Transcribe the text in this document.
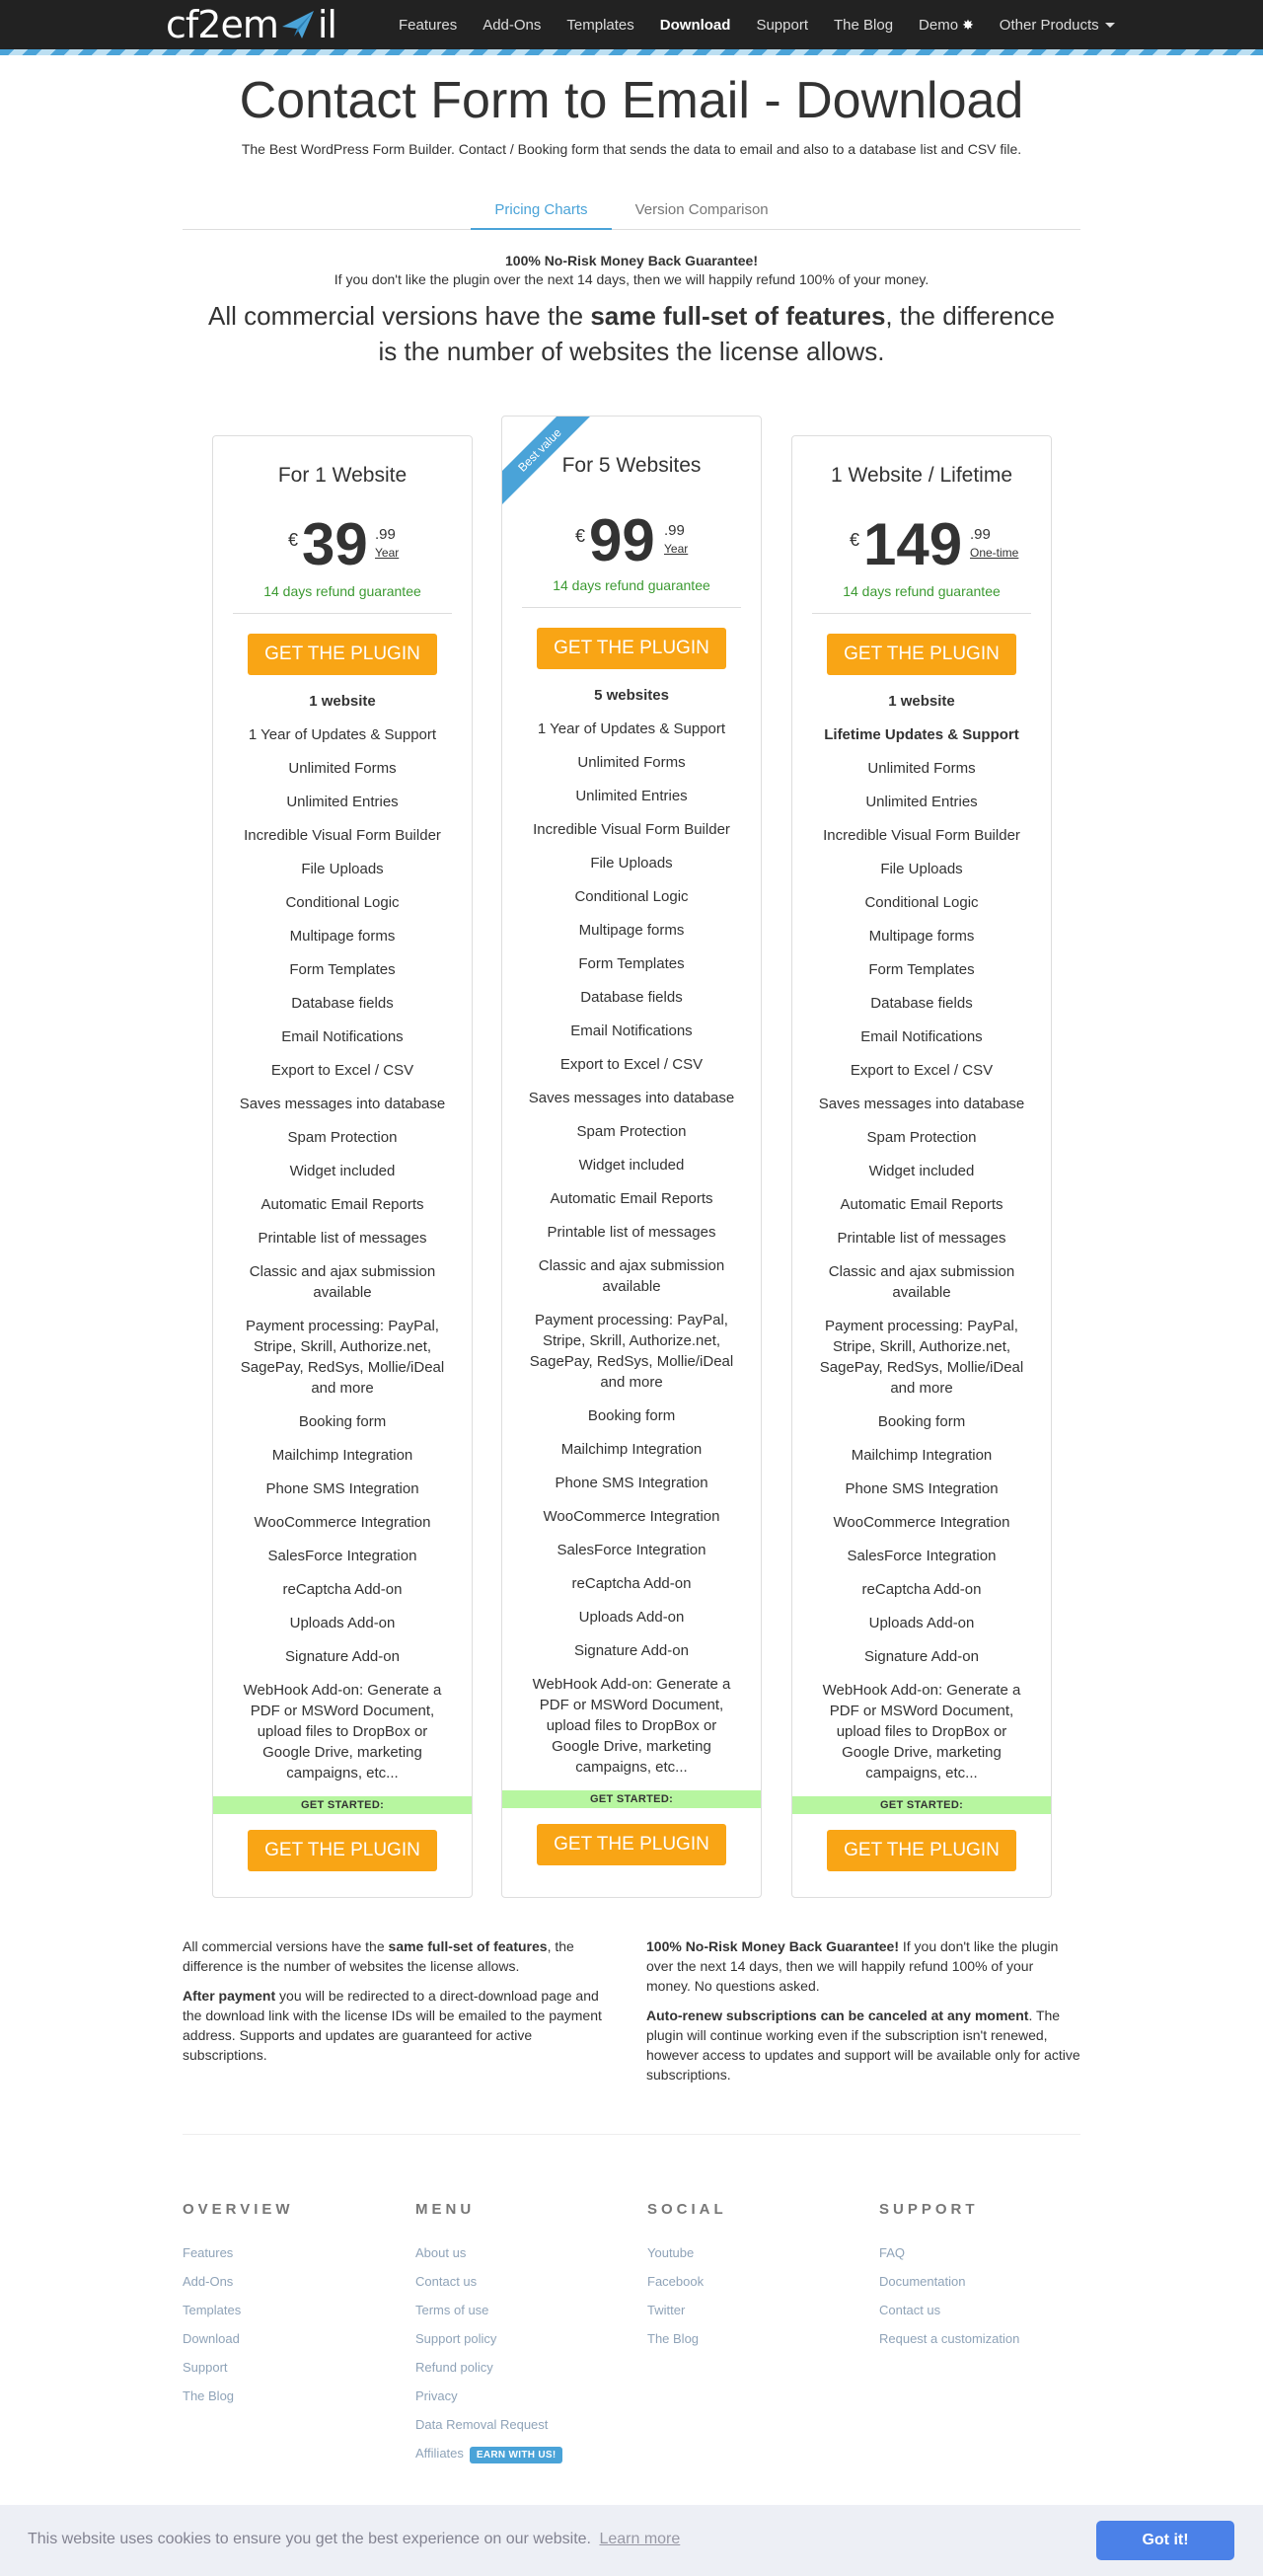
cf2em il	Features Add-Ons Templates Download Support The Blog Demo ✸ Other Products
Contact Form to Email - Download
The Best WordPress Form Builder. Contact / Booking form that sends the data to email and also to a database list and CSV file.
Pricing Charts	Version Comparison
100% No-Risk Money Back Guarantee!
If you don't like the plugin over the next 14 days, then we will happily refund 100% of your money.
All commercial versions have the same full-set of features, the difference is the number of websites the license allows.
For 1 Website
€ 39 .99
Year
14 days refund guarantee
GET THE PLUGIN
1 website
1 Year of Updates & Support
Unlimited Forms
Unlimited Entries
Incredible Visual Form Builder
File Uploads
Conditional Logic
Multipage forms
Form Templates
Database fields
Email Notifications
Export to Excel / CSV
Saves messages into database
Spam Protection
Widget included
Automatic Email Reports
Printable list of messages
Classic and ajax submission available
Payment processing: PayPal, Stripe, Skrill, Authorize.net, SagePay, RedSys, Mollie/iDeal and more
Booking form
Mailchimp Integration
Phone SMS Integration
WooCommerce Integration
SalesForce Integration
reCaptcha Add-on
Uploads Add-on
Signature Add-on
WebHook Add-on: Generate a PDF or MSWord Document, upload files to DropBox or Google Drive, marketing campaigns, etc...
GET STARTED:
GET THE PLUGIN
Best value
For 5 Websites
€ 99 .99
Year
14 days refund guarantee
GET THE PLUGIN
5 websites
1 Year of Updates & Support
Unlimited Forms
Unlimited Entries
Incredible Visual Form Builder
File Uploads
Conditional Logic
Multipage forms
Form Templates
Database fields
Email Notifications
Export to Excel / CSV
Saves messages into database
Spam Protection
Widget included
Automatic Email Reports
Printable list of messages
Classic and ajax submission available
Payment processing: PayPal, Stripe, Skrill, Authorize.net, SagePay, RedSys, Mollie/iDeal and more
Booking form
Mailchimp Integration
Phone SMS Integration
WooCommerce Integration
SalesForce Integration
reCaptcha Add-on
Uploads Add-on
Signature Add-on
WebHook Add-on: Generate a PDF or MSWord Document, upload files to DropBox or Google Drive, marketing campaigns, etc...
GET STARTED:
GET THE PLUGIN
1 Website / Lifetime
€ 149 .99
One-time
14 days refund guarantee
GET THE PLUGIN
1 website
Lifetime Updates & Support
Unlimited Forms
Unlimited Entries
Incredible Visual Form Builder
File Uploads
Conditional Logic
Multipage forms
Form Templates
Database fields
Email Notifications
Export to Excel / CSV
Saves messages into database
Spam Protection
Widget included
Automatic Email Reports
Printable list of messages
Classic and ajax submission available
Payment processing: PayPal, Stripe, Skrill, Authorize.net, SagePay, RedSys, Mollie/iDeal and more
Booking form
Mailchimp Integration
Phone SMS Integration
WooCommerce Integration
SalesForce Integration
reCaptcha Add-on
Uploads Add-on
Signature Add-on
WebHook Add-on: Generate a PDF or MSWord Document, upload files to DropBox or Google Drive, marketing campaigns, etc...
GET STARTED:
GET THE PLUGIN

All commercial versions have the same full-set of features, the difference is the number of websites the license allows.

After payment you will be redirected to a direct-download page and the download link with the license IDs will be emailed to the payment address. Supports and updates are guaranteed for active subscriptions.

100% No-Risk Money Back Guarantee! If you don't like the plugin over the next 14 days, then we will happily refund 100% of your money. No questions asked.

Auto-renew subscriptions can be canceled at any moment. The plugin will continue working even if the subscription isn't renewed, however access to updates and support will be available only for active subscriptions.

OVERVIEW
Features
Add-Ons
Templates
Download
Support
The Blog
MENU
About us
Contact us
Terms of use
Support policy
Refund policy
Privacy
Data Removal Request
Affiliates EARN WITH US!
SOCIAL
Youtube
Facebook
Twitter
The Blog
SUPPORT
FAQ
Documentation
Contact us
Request a customization
This website uses cookies to ensure you get the best experience on our website. Learn more	Got it!
